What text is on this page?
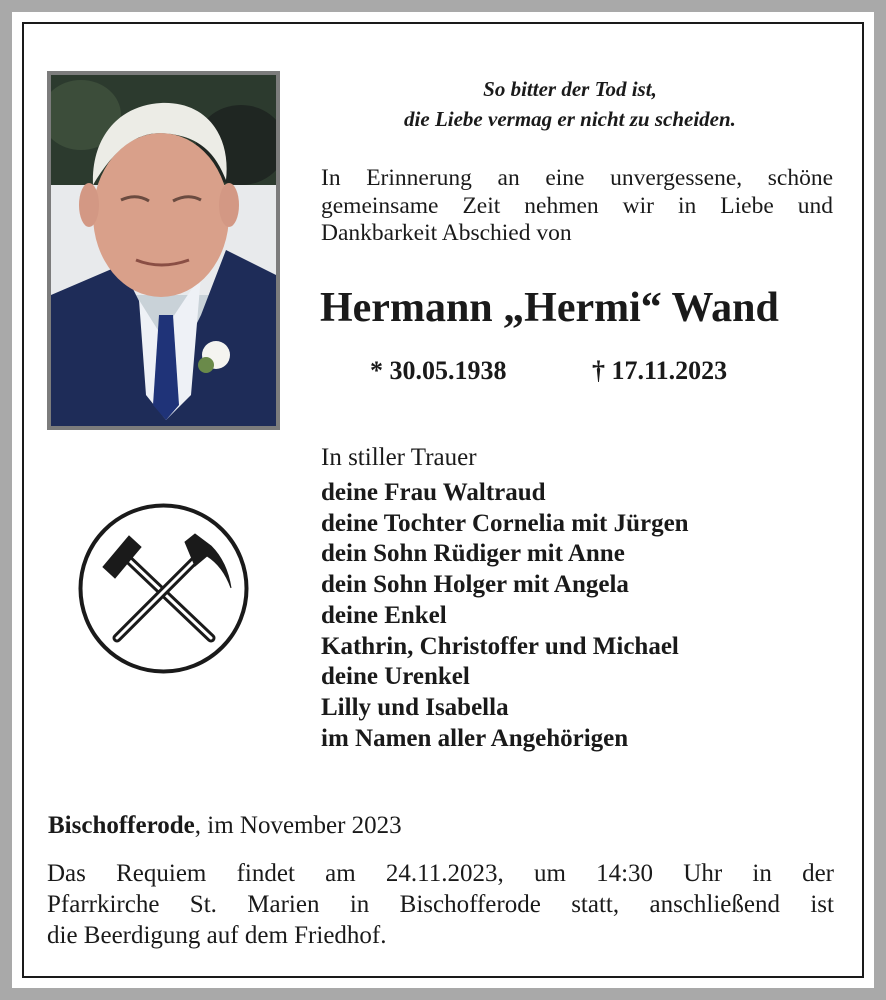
So bitter der Tod ist,
die Liebe vermag er nicht zu scheiden.
In Erinnerung an eine unvergessene, schöne
gemeinsame Zeit nehmen wir in Liebe und
Dankbarkeit Abschied von
Hermann „Hermi“ Wand
* 30.05.1938	† 17.11.2023
In stiller Trauer
deine Frau Waltraud
deine Tochter Cornelia mit Jürgen
dein Sohn Rüdiger mit Anne
dein Sohn Holger mit Angela
deine Enkel
Kathrin, Christoffer und Michael
deine Urenkel
Lilly und Isabella
im Namen aller Angehörigen
Bischofferode, im November 2023
Das Requiem findet am 24.11.2023, um 14:30 Uhr in der
Pfarrkirche St. Marien in Bischofferode statt, anschließend ist
die Beerdigung auf dem Friedhof.
